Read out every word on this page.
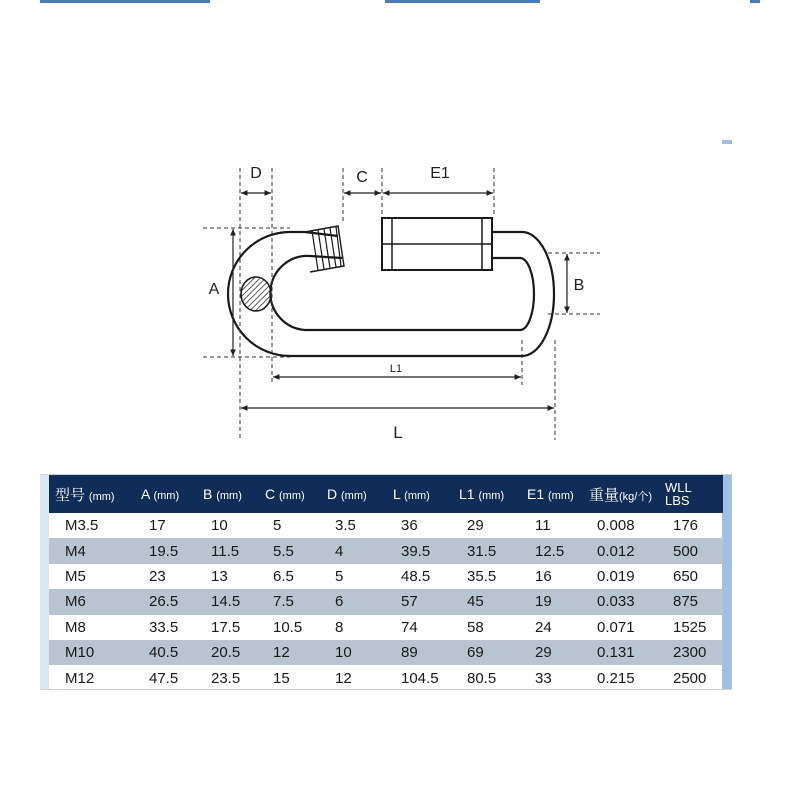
D	C	E1
A	B
L1
L
型号 (mm)	A (mm)	B (mm)	C (mm)	D (mm)	L (mm)	L1 (mm)	E1 (mm)	重量(kg/个)	WLL
LBS
M3.5	17	10	5	3.5	36	29	11	0.008	176
M4	19.5	11.5	5.5	4	39.5	31.5	12.5	0.012	500
M5	23	13	6.5	5	48.5	35.5	16	0.019	650
M6	26.5	14.5	7.5	6	57	45	19	0.033	875
M8	33.5	17.5	10.5	8	74	58	24	0.071	1525
M10	40.5	20.5	12	10	89	69	29	0.131	2300
M12	47.5	23.5	15	12	104.5	80.5	33	0.215	2500
